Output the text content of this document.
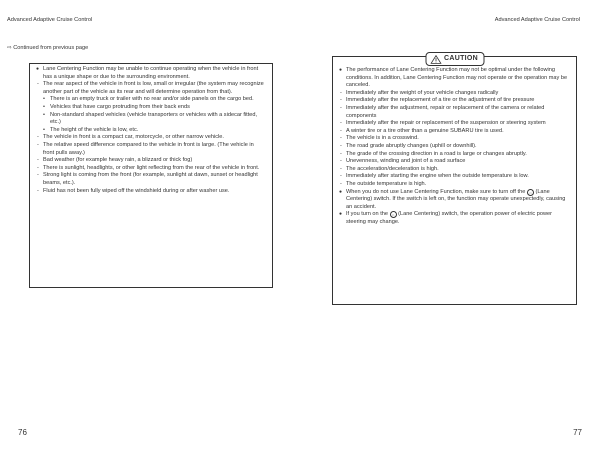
Advanced Adaptive Cruise Control	Advanced Adaptive Cruise Control
⇨ Continued from previous page
● Lane Centering Function may be unable to continue operating when the vehicle in front has a unique shape or due to the surrounding environment.
- The rear aspect of the vehicle in front is low, small or irregular (the system may recognize another part of the vehicle as its rear and will determine operation from that).
• There is an empty truck or trailer with no rear and/or side panels on the cargo bed.
• Vehicles that have cargo protruding from their back ends
• Non-standard shaped vehicles (vehicle transporters or vehicles with a sidecar fitted, etc.)
• The height of the vehicle is low, etc.
- The vehicle in front is a compact car, motorcycle, or other narrow vehicle.
- The relative speed difference compared to the vehicle in front is large. (The vehicle in front pulls away.)
- Bad weather (for example heavy rain, a blizzard or thick fog)
- There is sunlight, headlights, or other light reflecting from the rear of the vehicle in front.
- Strong light is coming from the front (for example, sunlight at dawn, sunset or headlight beams, etc.).
- Fluid has not been fully wiped off the windshield during or after washer use.
CAUTION
● The performance of Lane Centering Function may not be optimal under the following conditions. In addition, Lane Centering Function may not operate or the operation may be canceled.
- Immediately after the weight of your vehicle changes radically
- Immediately after the replacement of a tire or the adjustment of tire pressure
- Immediately after the adjustment, repair or replacement of the camera or related components
- Immediately after the repair or replacement of the suspension or steering system
- A winter tire or a tire other than a genuine SUBARU tire is used.
- The vehicle is in a crosswind.
- The road grade abruptly changes (uphill or downhill).
- The grade of the crossing direction in a road is large or changes abruptly.
- Unevenness, winding and joint of a road surface
- The acceleration/deceleration is high.
- Immediately after starting the engine when the outside temperature is low.
- The outside temperature is high.
● When you do not use Lane Centering Function, make sure to turn off the ⇔ (Lane Centering) switch. If the switch is left on, the function may operate unexpectedly, causing an accident.
● If you turn on the ⇔ (Lane Centering) switch, the operation power of electric power steering may change.
76	77
